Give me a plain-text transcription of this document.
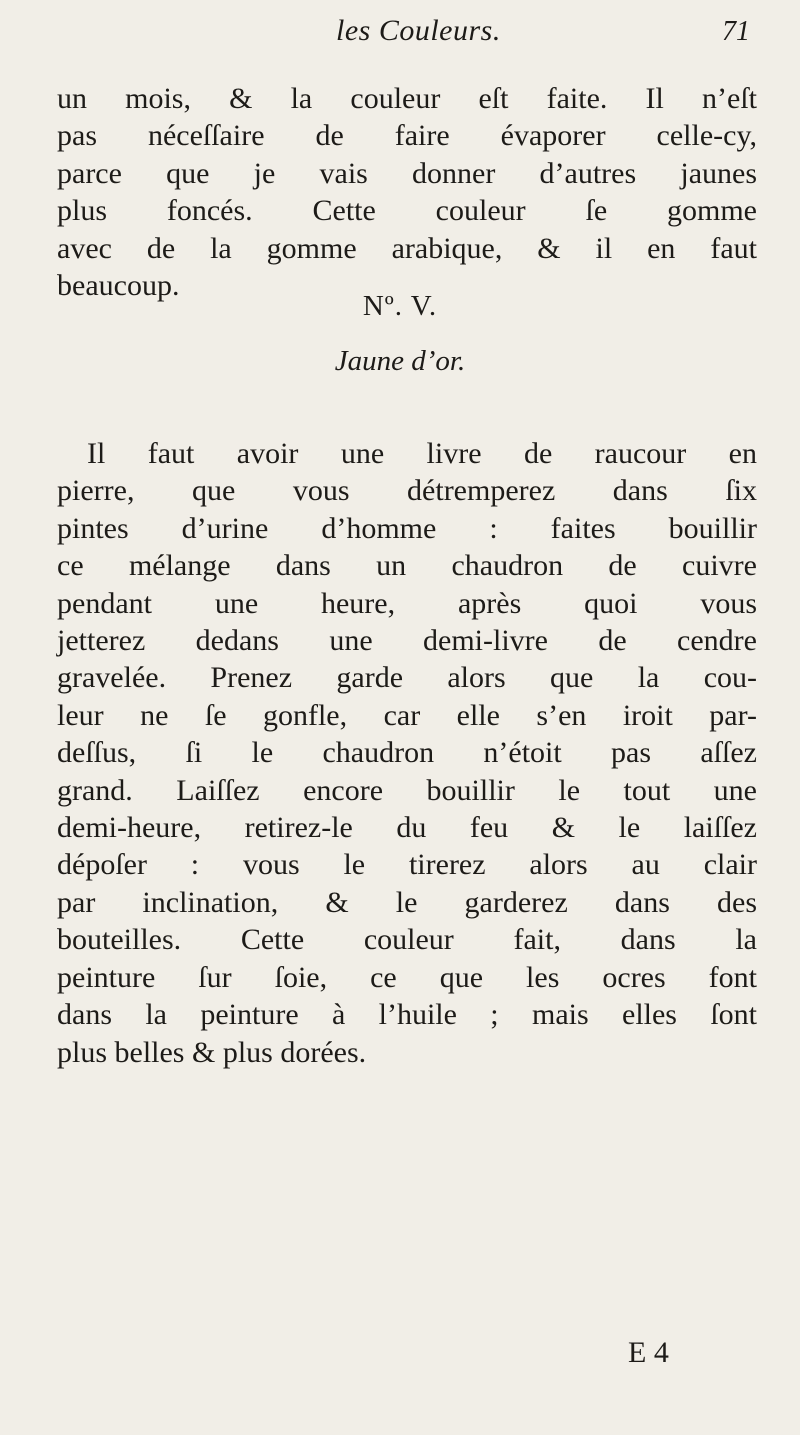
les Couleurs.	71
un mois, & la couleur eſt faite. Il n’eſt
pas néceſſaire de faire évaporer celle-cy,
parce que je vais donner d’autres jaunes
plus foncés. Cette couleur ſe gomme
avec de la gomme arabique, & il en faut
beaucoup.
Nº. V.
Jaune d’or.
Il faut avoir une livre de raucour en
pierre, que vous détremperez dans ſix
pintes d’urine d’homme : faites bouillir
ce mélange dans un chaudron de cuivre
pendant une heure, après quoi vous
jetterez dedans une demi-livre de cendre
gravelée. Prenez garde alors que la cou-
leur ne ſe gonfle, car elle s’en iroit par-
deſſus, ſi le chaudron n’étoit pas aſſez
grand. Laiſſez encore bouillir le tout une
demi-heure, retirez-le du feu & le laiſſez
dépoſer : vous le tirerez alors au clair
par inclination, & le garderez dans des
bouteilles. Cette couleur fait, dans la
peinture ſur ſoie, ce que les ocres font
dans la peinture à l’huile ; mais elles ſont
plus belles & plus dorées.
E 4
